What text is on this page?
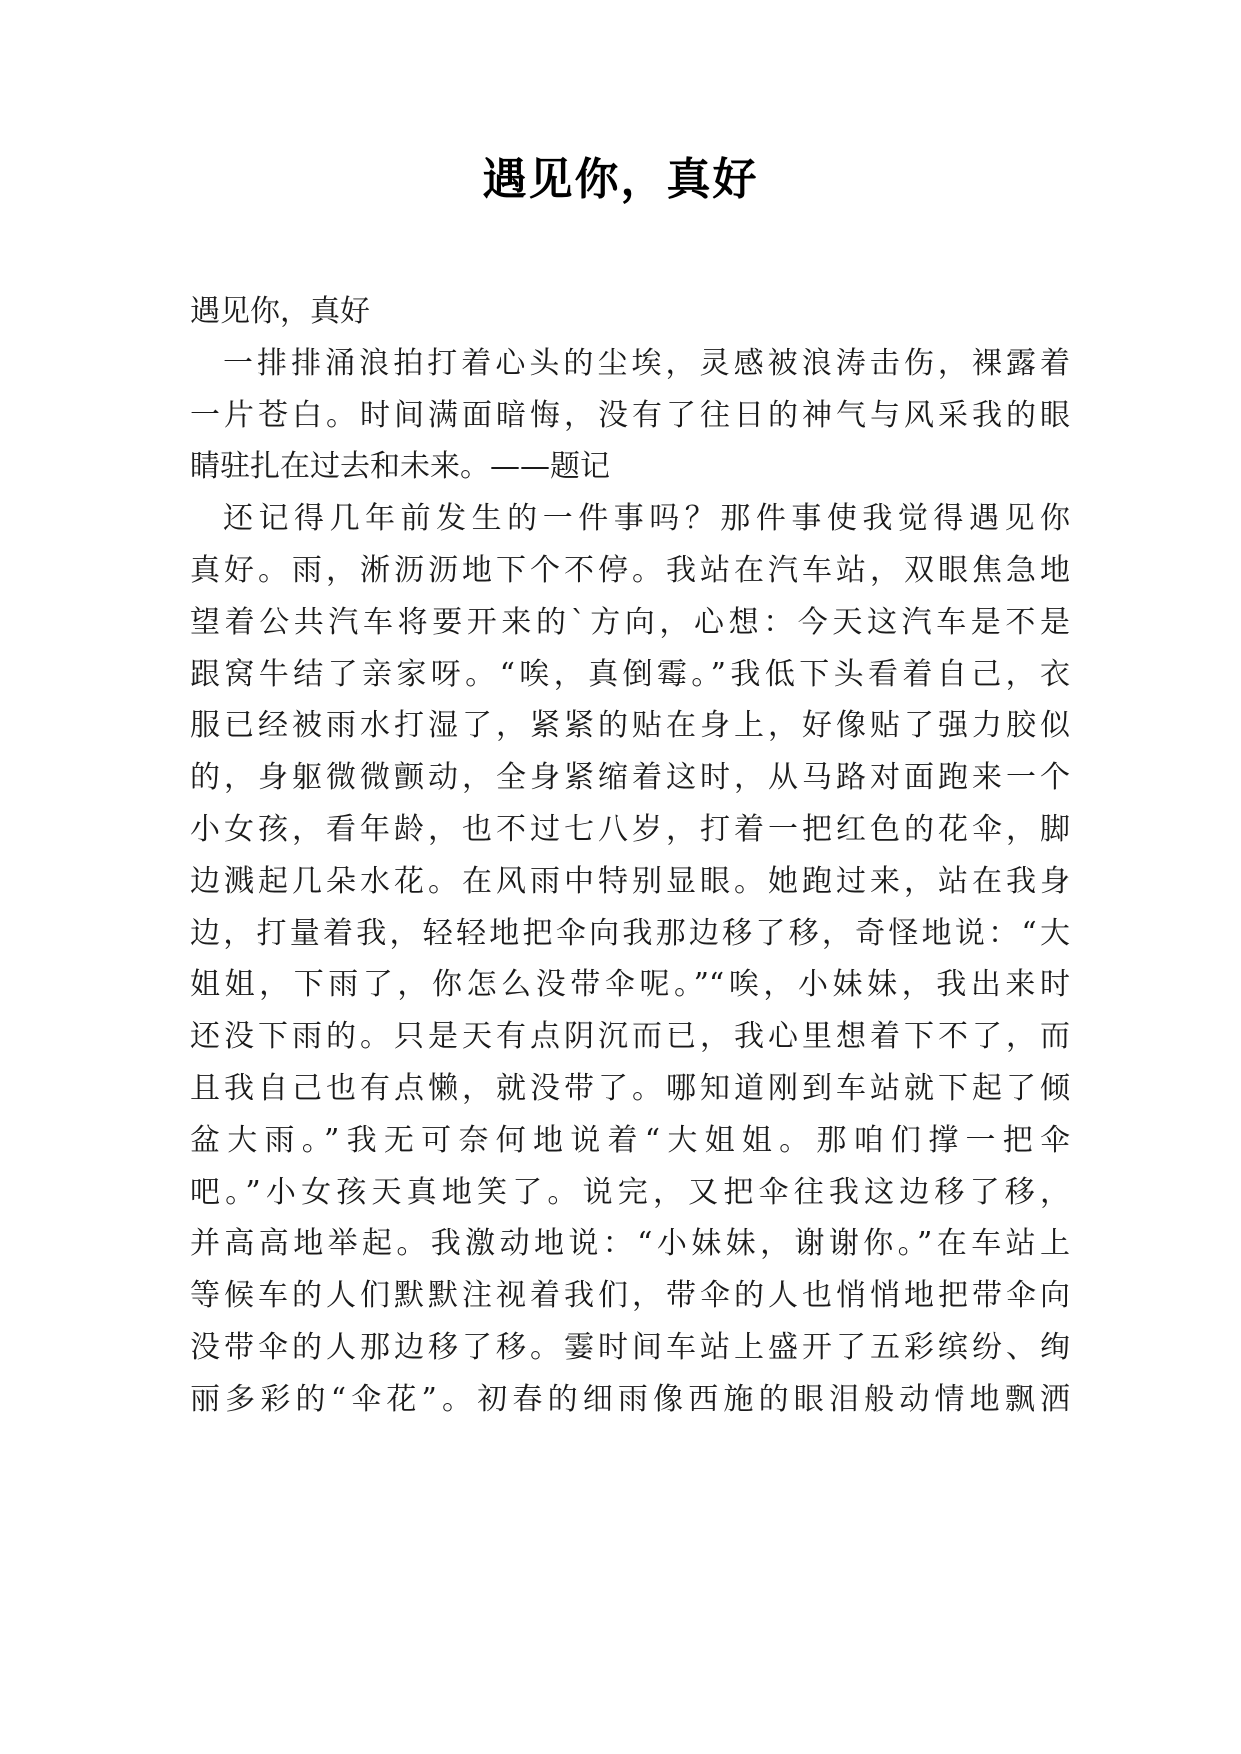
遇见你，真好
遇见你，真好
一排排涌浪拍打着心头的尘埃，灵感被浪涛击伤，裸露着
一片苍白。时间满面暗悔，没有了往日的神气与风采我的眼
睛驻扎在过去和未来。——题记
还记得几年前发生的一件事吗？那件事使我觉得遇见你
真好。雨，淅沥沥地下个不停。我站在汽车站，双眼焦急地
望着公共汽车将要开来的`方向，心想：今天这汽车是不是
跟窝牛结了亲家呀。“唉，真倒霉。”我低下头看着自己，衣
服已经被雨水打湿了，紧紧的贴在身上，好像贴了强力胶似
的，身躯微微颤动，全身紧缩着这时，从马路对面跑来一个
小女孩，看年龄，也不过七八岁，打着一把红色的花伞，脚
边溅起几朵水花。在风雨中特别显眼。她跑过来，站在我身
边，打量着我，轻轻地把伞向我那边移了移，奇怪地说：“大
姐姐，下雨了，你怎么没带伞呢。”“唉，小妹妹，我出来时
还没下雨的。只是天有点阴沉而已，我心里想着下不了，而
且我自己也有点懒，就没带了。哪知道刚到车站就下起了倾
盆大雨。”我无可奈何地说着“大姐姐。那咱们撑一把伞
吧。”小女孩天真地笑了。说完，又把伞往我这边移了移，
并高高地举起。我激动地说：“小妹妹，谢谢你。”在车站上
等候车的人们默默注视着我们，带伞的人也悄悄地把带伞向
没带伞的人那边移了移。霎时间车站上盛开了五彩缤纷、绚
丽多彩的“伞花”。初春的细雨像西施的眼泪般动情地飘洒
